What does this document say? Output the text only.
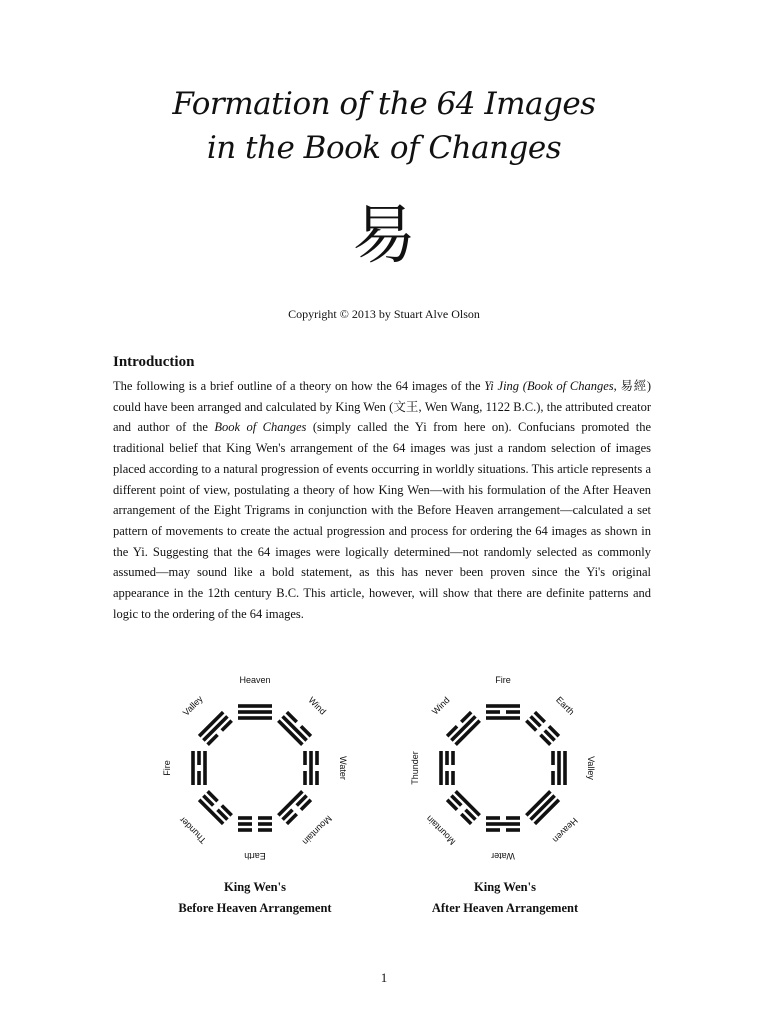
Formation of the 64 Images
in the Book of Changes
易
Copyright © 2013 by Stuart Alve Olson
Introduction

The following is a brief outline of a theory on how the 64 images of the Yi Jing (Book of Changes, 易經) could have been arranged and calculated by King Wen (文王, Wen Wang, 1122 B.C.), the attributed creator and author of the Book of Changes (simply called the Yi from here on). Confucians promoted the traditional belief that King Wen's arrangement of the 64 images was just a random selection of images placed according to a natural progression of events occurring in worldly situations. This article represents a different point of view, postulating a theory of how King Wen—with his formulation of the After Heaven arrangement of the Eight Trigrams in conjunction with the Before Heaven arrangement—calculated a set pattern of movements to create the actual progression and process for ordering the 64 images as shown in the Yi. Suggesting that the 64 images were logically determined—not randomly selected as commonly assumed—may sound like a bold statement, as this has never been proven since the Yi's original appearance in the 12th century B.C. This article, however, will show that there are definite patterns and logic to the ordering of the 64 images.

Heaven
Wind
Water
Mountain
Earth
Thunder
Fire
Valley
Fire
Earth
Valley
Heaven
Water
Mountain
Thunder
Wind
King Wen's
Before Heaven Arrangement
King Wen's
After Heaven Arrangement
1
